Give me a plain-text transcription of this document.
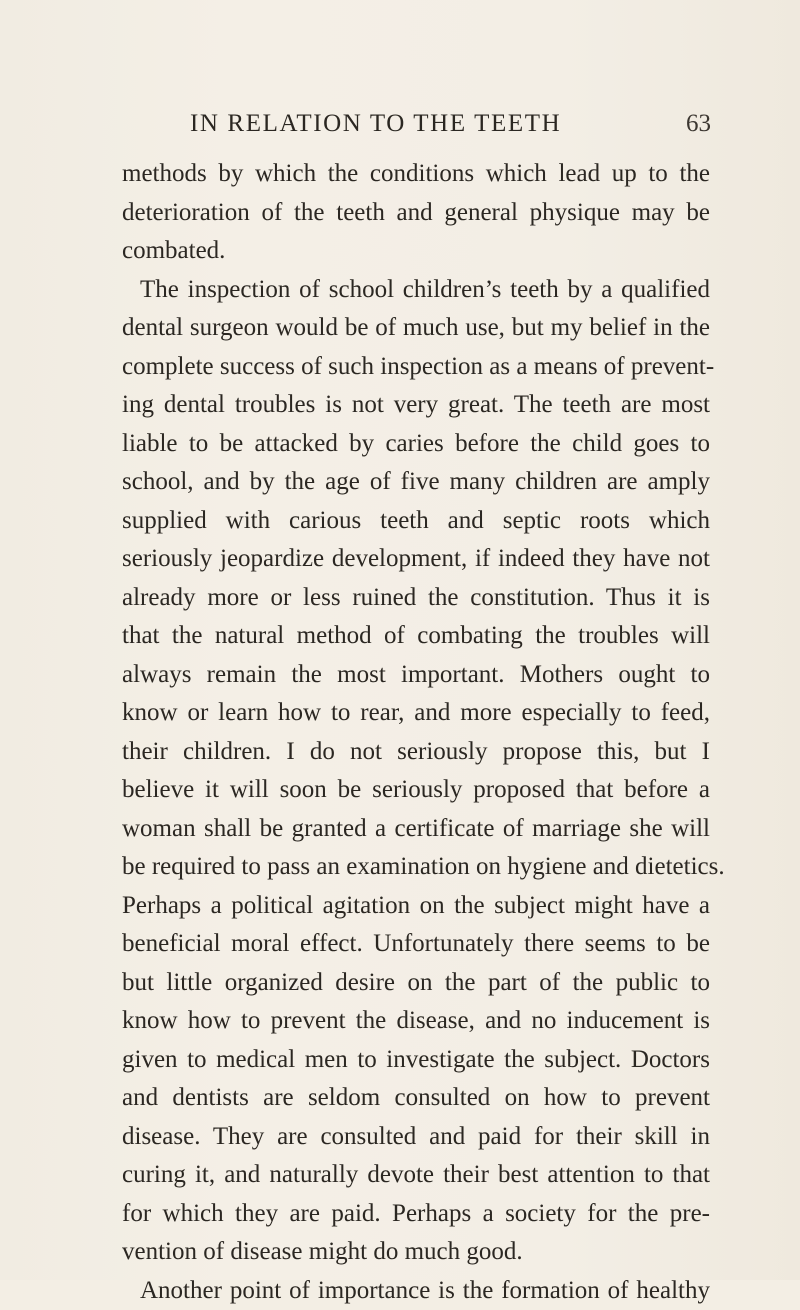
IN RELATION TO THE TEETH	63
methods by which the conditions which lead up to the
deterioration of the teeth and general physique may be
combated.
The inspection of school children’s teeth by a qualified
dental surgeon would be of much use, but my belief in the
complete success of such inspection as a means of prevent-
ing dental troubles is not very great. The teeth are most
liable to be attacked by caries before the child goes to
school, and by the age of five many children are amply
supplied with carious teeth and septic roots which
seriously jeopardize development, if indeed they have not
already more or less ruined the constitution. Thus it is
that the natural method of combating the troubles will
always remain the most important. Mothers ought to
know or learn how to rear, and more especially to feed,
their children. I do not seriously propose this, but I
believe it will soon be seriously proposed that before a
woman shall be granted a certificate of marriage she will
be required to pass an examination on hygiene and dietetics.
Perhaps a political agitation on the subject might have a
beneficial moral effect. Unfortunately there seems to be
but little organized desire on the part of the public to
know how to prevent the disease, and no inducement is
given to medical men to investigate the subject. Doctors
and dentists are seldom consulted on how to prevent
disease. They are consulted and paid for their skill in
curing it, and naturally devote their best attention to that
for which they are paid. Perhaps a society for the pre-
vention of disease might do much good.
Another point of importance is the formation of healthy
